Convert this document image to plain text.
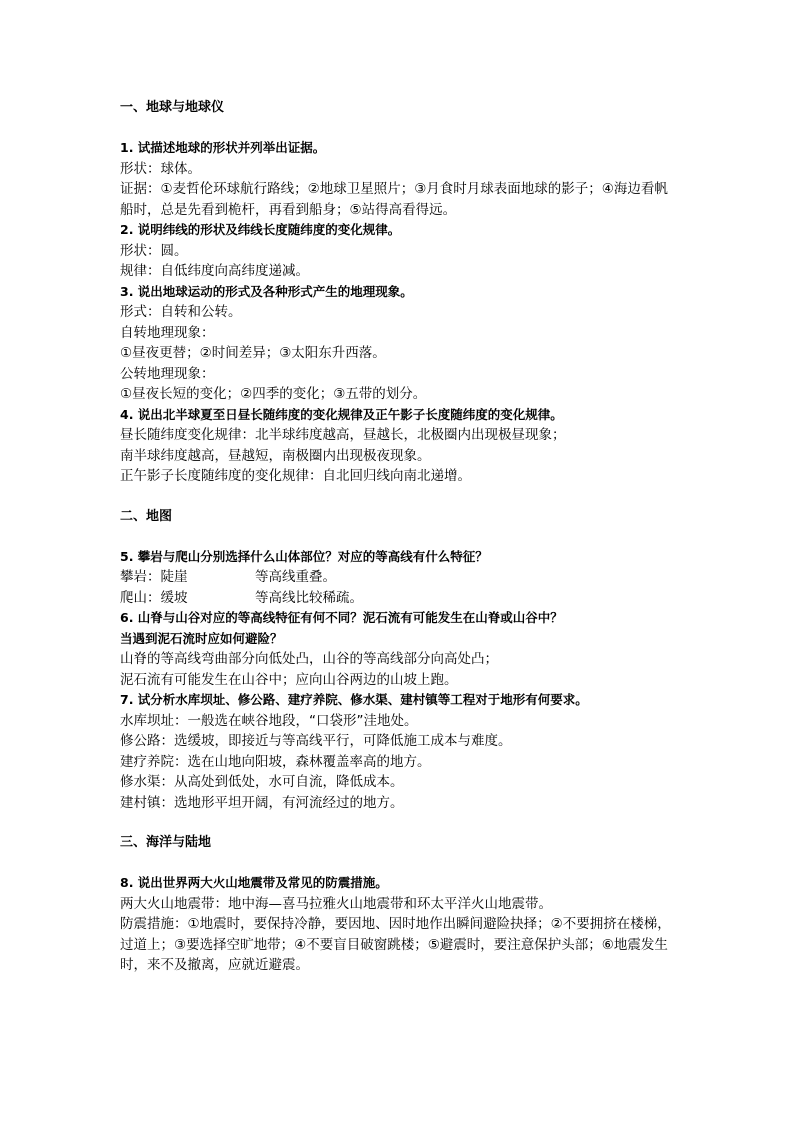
一、地球与地球仪
1. 试描述地球的形状并列举出证据。
形状：球体。
证据：①麦哲伦环球航行路线；②地球卫星照片；③月食时月球表面地球的影子；④海边看帆船时，总是先看到桅杆，再看到船身；⑤站得高看得远。
2. 说明纬线的形状及纬线长度随纬度的变化规律。
形状：圆。
规律：自低纬度向高纬度递减。
3. 说出地球运动的形式及各种形式产生的地理现象。
形式：自转和公转。
自转地理现象：
①昼夜更替；②时间差异；③太阳东升西落。
公转地理现象：
①昼夜长短的变化；②四季的变化；③五带的划分。
4. 说出北半球夏至日昼长随纬度的变化规律及正午影子长度随纬度的变化规律。
昼长随纬度变化规律：北半球纬度越高，昼越长，北极圈内出现极昼现象；
南半球纬度越高，昼越短，南极圈内出现极夜现象。
正午影子长度随纬度的变化规律：自北回归线向南北递增。
二、地图
5. 攀岩与爬山分别选择什么山体部位？对应的等高线有什么特征？
攀岩：陡崖	等高线重叠。
爬山：缓坡	等高线比较稀疏。
6. 山脊与山谷对应的等高线特征有何不同？泥石流有可能发生在山脊或山谷中？
当遇到泥石流时应如何避险？
山脊的等高线弯曲部分向低处凸，山谷的等高线部分向高处凸；
泥石流有可能发生在山谷中；应向山谷两边的山坡上跑。
7. 试分析水库坝址、修公路、建疗养院、修水渠、建村镇等工程对于地形有何要求。
水库坝址：一般选在峡谷地段，“口袋形”洼地处。
修公路：选缓坡，即接近与等高线平行，可降低施工成本与难度。
建疗养院：选在山地向阳坡，森林覆盖率高的地方。
修水渠：从高处到低处，水可自流，降低成本。
建村镇：选地形平坦开阔，有河流经过的地方。
三、海洋与陆地
8. 说出世界两大火山地震带及常见的防震措施。
两大火山地震带：地中海—喜马拉雅火山地震带和环太平洋火山地震带。
防震措施：①地震时，要保持冷静，要因地、因时地作出瞬间避险抉择；②不要拥挤在楼梯，过道上；③要选择空旷地带；④不要盲目破窗跳楼；⑤避震时，要注意保护头部；⑥地震发生时，来不及撤离，应就近避震。
